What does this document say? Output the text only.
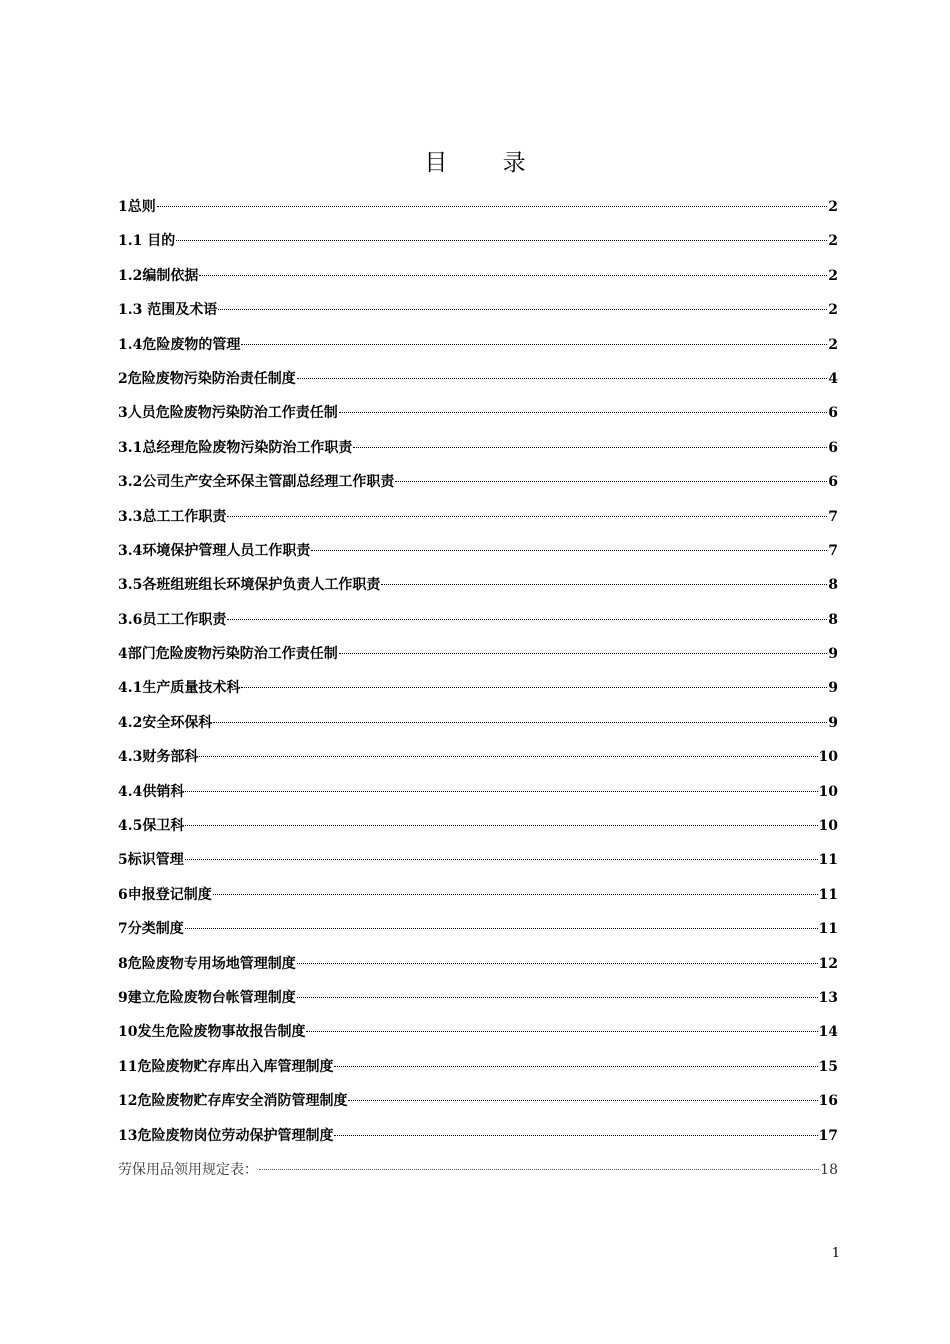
目 录
1总则	2
1.1 目的	2
1.2编制依据	2
1.3 范围及术语	2
1.4危险废物的管理	2
2危险废物污染防治责任制度	4
3人员危险废物污染防治工作责任制	6
3.1总经理危险废物污染防治工作职责	6
3.2公司生产安全环保主管副总经理工作职责	6
3.3总工工作职责	7
3.4环境保护管理人员工作职责	7
3.5各班组班组长环境保护负责人工作职责	8
3.6员工工作职责	8
4部门危险废物污染防治工作责任制	9
4.1生产质量技术科	9
4.2安全环保科	9
4.3财务部科	10
4.4供销科	10
4.5保卫科	10
5标识管理	11
6申报登记制度	11
7分类制度	11
8危险废物专用场地管理制度	12
9建立危险废物台帐管理制度	13
10发生危险废物事故报告制度	14
11危险废物贮存库出入库管理制度	15
12危险废物贮存库安全消防管理制度	16
13危险废物岗位劳动保护管理制度	17
劳保用品领用规定表：	18
1
